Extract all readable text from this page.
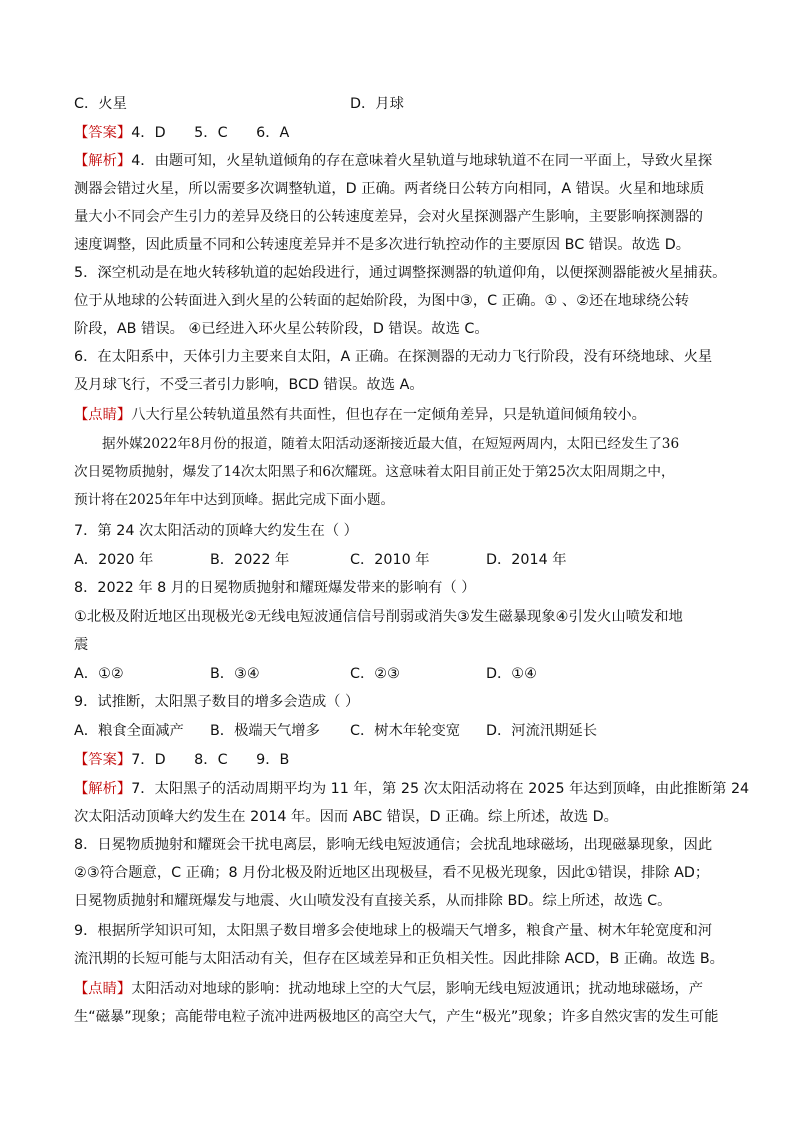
C．火星	D．月球
【答案】4．D　　5．C　　6．A
【解析】4．由题可知，火星轨道倾角的存在意味着火星轨道与地球轨道不在同一平面上，导致火星探
测器会错过火星，所以需要多次调整轨道，D 正确。两者绕日公转方向相同，A 错误。火星和地球质
量大小不同会产生引力的差异及绕日的公转速度差异，会对火星探测器产生影响，主要影响探测器的
速度调整，因此质量不同和公转速度差异并不是多次进行轨控动作的主要原因 BC 错误。故选 D。
5．深空机动是在地火转移轨道的起始段进行，通过调整探测器的轨道仰角，以便探测器能被火星捕获。
位于从地球的公转面进入到火星的公转面的起始阶段，为图中③，C 正确。① 、②还在地球绕公转
阶段，AB 错误。 ④已经进入环火星公转阶段，D 错误。故选 C。
6．在太阳系中，天体引力主要来自太阳，A 正确。在探测器的无动力飞行阶段，没有环绕地球、火星
及月球飞行，不受三者引力影响，BCD 错误。故选 A。
【点睛】八大行星公转轨道虽然有共面性，但也存在一定倾角差异，只是轨道间倾角较小。
据外媒2022年8月份的报道，随着太阳活动逐渐接近最大值，在短短两周内，太阳已经发生了36
次日冕物质抛射，爆发了14次太阳黑子和6次耀斑。这意味着太阳目前正处于第25次太阳周期之中，
预计将在2025年年中达到顶峰。据此完成下面小题。
7．第 24 次太阳活动的顶峰大约发生在（ ）
A．2020 年	B．2022 年	C．2010 年	D．2014 年
8．2022 年 8 月的日冕物质抛射和耀斑爆发带来的影响有（ ）
①北极及附近地区出现极光②无线电短波通信信号削弱或消失③发生磁暴现象④引发火山喷发和地
震
A．①②	B．③④	C．②③	D．①④
9．试推断，太阳黑子数目的增多会造成（ ）
A．粮食全面减产 B．极端天气增多 C．树木年轮变宽 D．河流汛期延长
【答案】7．D　　8．C　　9．B
【解析】7．太阳黑子的活动周期平均为 11 年，第 25 次太阳活动将在 2025 年达到顶峰，由此推断第 24
次太阳活动顶峰大约发生在 2014 年。因而 ABC 错误，D 正确。综上所述，故选 D。
8．日冕物质抛射和耀斑会干扰电离层，影响无线电短波通信；会扰乱地球磁场，出现磁暴现象，因此
②③符合题意，C 正确；8 月份北极及附近地区出现极昼，看不见极光现象，因此①错误，排除 AD；
日冕物质抛射和耀斑爆发与地震、火山喷发没有直接关系，从而排除 BD。综上所述，故选 C。
9．根据所学知识可知，太阳黑子数目增多会使地球上的极端天气增多，粮食产量、树木年轮宽度和河
流汛期的长短可能与太阳活动有关，但存在区域差异和正负相关性。因此排除 ACD，B 正确。故选 B。
【点睛】太阳活动对地球的影响：扰动地球上空的大气层，影响无线电短波通讯；扰动地球磁场，产
生“磁暴”现象；高能带电粒子流冲进两极地区的高空大气，产生“极光”现象；许多自然灾害的发生可能
